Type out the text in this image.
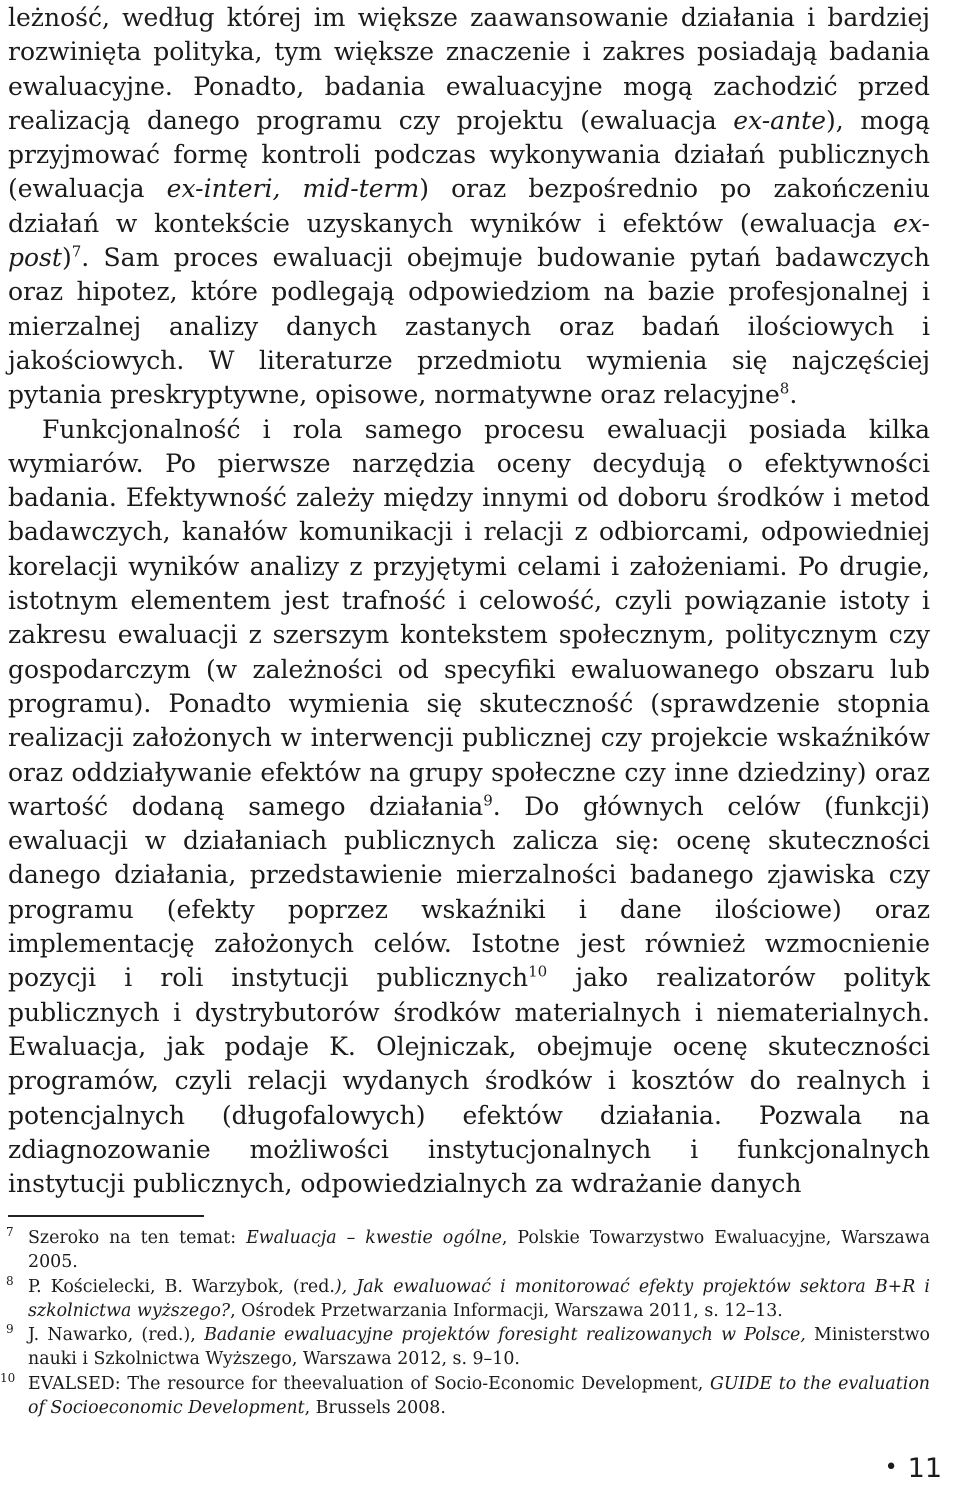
leżność, według której im większe zaawansowanie działania i bardziej rozwinięta polityka, tym większe znaczenie i zakres posiadają badania ewaluacyjne. Ponadto, badania ewaluacyjne mogą zachodzić przed realizacją danego programu czy projektu (ewaluacja ex-ante), mogą przyjmować formę kontroli podczas wykonywania działań publicznych (ewaluacja ex-interi, mid-term) oraz bezpośrednio po zakończeniu działań w kontekście uzyskanych wyników i efektów (ewaluacja ex-post)$^7$. Sam proces ewaluacji obejmuje budowanie pytań badawczych oraz hipotez, które podlegają odpowiedziom na bazie profesjonalnej i mierzalnej analizy danych zastanych oraz badań ilościowych i jakościowych. W literaturze przedmiotu wymienia się najczęściej pytania preskryptywne, opisowe, normatywne oraz relacyjne$^8$.

Funkcjonalność i rola samego procesu ewaluacji posiada kilka wymiarów. Po pierwsze narzędzia oceny decydują o efektywności badania. Efektywność zależy między innymi od doboru środków i metod badawczych, kanałów komunikacji i relacji z odbiorcami, odpowiedniej korelacji wyników analizy z przyjętymi celami i założeniami. Po drugie, istotnym elementem jest trafność i celowość, czyli powiązanie istoty i zakresu ewaluacji z szerszym kontekstem społecznym, politycznym czy gospodarczym (w zależności od specyfiki ewaluowanego obszaru lub programu). Ponadto wymienia się skuteczność (sprawdzenie stopnia realizacji założonych w interwencji publicznej czy projekcie wskaźników oraz oddziaływanie efektów na grupy społeczne czy inne dziedziny) oraz wartość dodaną samego działania$^9$. Do głównych celów (funkcji) ewaluacji w działaniach publicznych zalicza się: ocenę skuteczności danego działania, przedstawienie mierzalności badanego zjawiska czy programu (efekty poprzez wskaźniki i dane ilościowe) oraz implementację założonych celów. Istotne jest również wzmocnienie pozycji i roli instytucji publicznych$^{10}$ jako realizatorów polityk publicznych i dystrybutorów środków materialnych i niematerialnych. Ewaluacja, jak podaje K. Olejniczak, obejmuje ocenę skuteczności programów, czyli relacji wydanych środków i kosztów do realnych i potencjalnych (długofalowych) efektów działania. Pozwala na zdiagnozowanie możliwości instytucjonalnych i funkcjonalnych instytucji publicznych, odpowiedzialnych za wdrażanie danych

7 Szeroko na ten temat: Ewaluacja – kwestie ogólne, Polskie Towarzystwo Ewaluacyjne, Warszawa 2005.
8 P. Kościelecki, B. Warzybok, (red.), Jak ewaluować i monitorować efekty projektów sektora B+R i szkolnictwa wyższego?, Ośrodek Przetwarzania Informacji, Warszawa 2011, s. 12–13.
9 J. Nawarko, (red.), Badanie ewaluacyjne projektów foresight realizowanych w Polsce, Ministerstwo nauki i Szkolnictwa Wyższego, Warszawa 2012, s. 9–10.
10 EVALSED: The resource for theevaluation of Socio-Economic Development, GUIDE to the evaluation of Socioeconomic Development, Brussels 2008.
• 11
